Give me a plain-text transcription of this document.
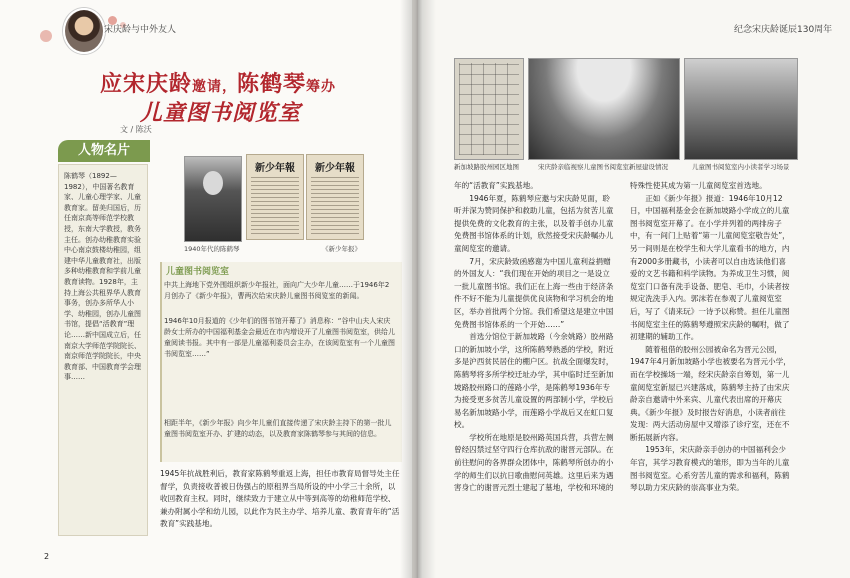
宋庆龄与中外友人
应宋庆龄邀请，陈鹤琴筹办
儿童图书阅览室
文 / 陈沃
人物名片
陈鹤琴（1892—1982），中国著名教育家、儿童心理学家、儿童教育家。留美归国后，历任南京高等师范学校教授，东南大学教授，教务主任。创办幼稚教育实验中心南京鼓楼幼稚园，组建中华儿童教育社，出版多种幼稚教育和学前儿童教育读物。1928年，主持上海公共租界华人教育事务，创办多所华人小学、幼稚园，创办儿童图书馆，提倡“活教育”理论……新中国成立后，任南京大学师范学院院长、南京师范学院院长，中央教育部、中国教育学会理事……
1940年代的陈鹤琴
新少年報	新少年報
《新少年报》
儿童图书阅览室
中共上海地下党外围组织新少年报社，面向广大少年儿童……于1946年2月创办了《新少年报》，曹两次给宋庆龄儿童图书阅览室的新闻。
1946年10月报道的《少年们的图书馆开幕了》消息称：“谷中山夫人宋庆龄女士所办的中国福利基金会最近在市内增设开了儿童图书阅览室，供给儿童阅读书报。其中有一部是儿童福利委员会主办，在该阅览室有一个儿童图书阅览室……”
相距半年，《新少年报》向少年儿童们直接传递了宋庆龄主持下的第一批儿童图书阅览室开办、扩建的动态，以及教育家陈鹤琴参与其间的信息。
1945年抗战胜利后，教育家陈鹤琴重返上海，担任市教育局督导处主任督学，负责接收普被日伪强占的原租界当局所设的中小学三十余所，以收回教育主权。同时，继续致力于建立从中等到高等的幼稚师范学校、兼办附属小学和幼儿园，以此作为民主办学、培养儿童、教育青年的“活教育”实践基地。
2
纪念宋庆龄诞辰130周年
新加坡路胶州园区地图	宋庆龄亲临视察儿童图书阅览室新屋建设情况	儿童图书阅览室内小读者学习场景

年的“活教育”实践基地。

1946年夏，陈鹤琴应邀与宋庆龄见面，聆听并深为赞同保护和救助儿童，包括为贫苦儿童提供免费的文化教育的主张，以及着手创办儿童免费图书馆体系的计划，欣然接受宋庆龄嘱办儿童阅览室的邀请。

7月，宋庆龄致函感谢为中国儿童利益捐赠的外国友人：“我们现在开始的项目之一是设立一批儿童图书馆。我们正在上海一些由于经济条件不好不能为儿童提供优良读物和学习机会的地区，举办首批两个分馆。我们希望这是建立中国免费图书馆体系的一个开始……”

首选分馆位于新加坡路（今余姚路）胶州路口的新加坡小学，这所陈鹤琴熟悉的学校，附近多是沪西贫民居住的棚户区。抗战全面爆发时，陈鹤琴将多所学校迁址办学，其中临时迁至新加坡路胶州路口的莲路小学，是陈鹤琴1936年专为接受更多贫苦儿童设置的两部制小学，学校后易名新加坡路小学，而莲路小学战后又在虹口复校。

学校所在地原是胶州路英国兵营，兵营左侧曾经囚禁过坚守四行仓库抗敌的谢晋元部队。在前往慰问的各界群众团体中，陈鹤琴所创办的小学的师生们以抗日歌曲慰问英雄。这里后来为遇害身亡的谢晋元烈士建起了墓地，学校和环境的

特殊性使其成为第一儿童阅览室首选地。

正如《新少年报》报道：1946年10月12日，中国福利基金会在新加坡路小学成立的儿童图书阅览室开幕了。在小学并列着的两排房子中，有一间门上贴着“第一儿童阅览室敬告处”，另一间则是在校学生和大学儿童看书的地方，内有2000多册藏书，小读者可以自由选读他们喜爱的文艺书籍和科学读物。为养成卫生习惯，阅览室门口备有洗手设备、肥皂、毛巾，小读者按规定洗洗手入内。郭沫若在参观了儿童阅览室后，写了《请来玩》一诗予以称赞。担任儿童图书阅览室主任的陈鹤琴遵照宋庆龄的嘱咐，做了初建期的辅助工作。

随着租借的胶州公园被命名为晋元公园，1947年4月新加坡路小学也被要名为晋元小学，而在学校操场一端，经宋庆龄亲自筹划，第一儿童阅览室新屋已兴建落成，陈鹤琴主持了由宋庆龄亲自邀请中外来宾、儿童代表出席的开幕庆典。《新少年报》及时报告好消息，小读者前往发现：两大活动房屋中又增添了诊疗室，还在不断拓展新内容。

1953年，宋庆龄亲手创办的中国福利会少年宫，其学习教育模式的雏形，即为当年的儿童图书阅览室。心系穷苦儿童的需求和福利，陈鹤琴以助力宋庆龄的崇高事业为荣。
